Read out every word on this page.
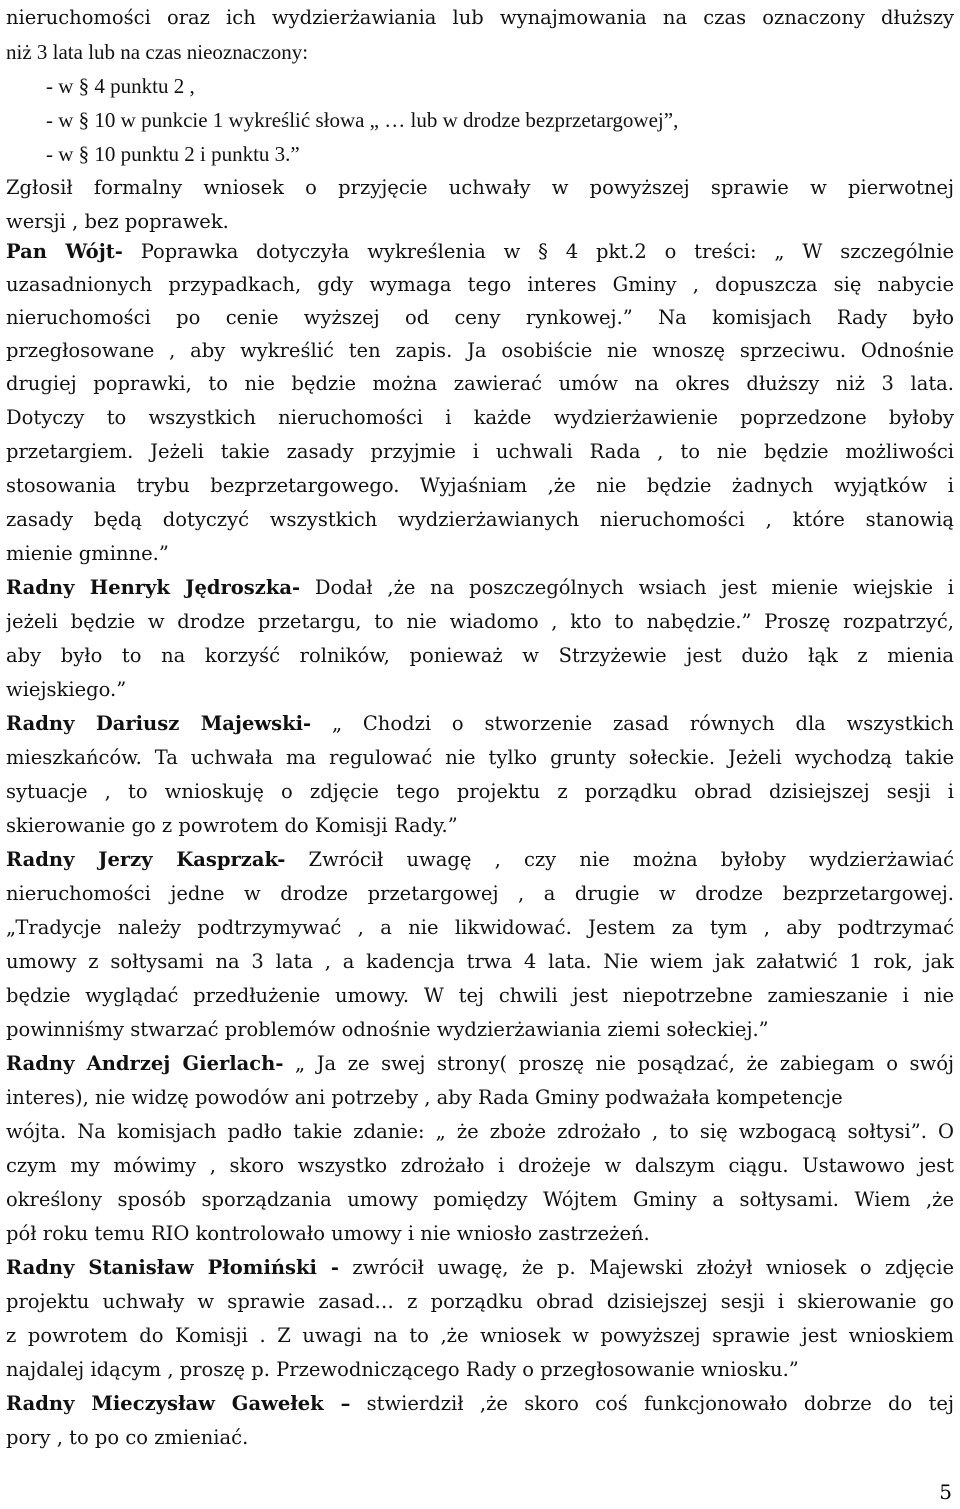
nieruchomości oraz ich wydzierżawiania lub wynajmowania na czas oznaczony dłuższy
niż 3 lata lub na czas nieoznaczony:
- w § 4 punktu 2 ,
- w § 10 w punkcie 1 wykreślić słowa „ … lub w drodze bezprzetargowej”,
- w § 10 punktu 2 i punktu 3.”
Zgłosił formalny wniosek o przyjęcie uchwały w powyższej sprawie w pierwotnej
wersji , bez poprawek.
Pan Wójt- Poprawka dotyczyła wykreślenia w § 4 pkt.2 o treści: „ W szczególnie
uzasadnionych przypadkach, gdy wymaga tego interes Gminy , dopuszcza się nabycie
nieruchomości po cenie wyższej od ceny rynkowej.” Na komisjach Rady było
przegłosowane , aby wykreślić ten zapis. Ja osobiście nie wnoszę sprzeciwu. Odnośnie
drugiej poprawki, to nie będzie można zawierać umów na okres dłuższy niż 3 lata.
Dotyczy to wszystkich nieruchomości i każde wydzierżawienie poprzedzone byłoby
przetargiem. Jeżeli takie zasady przyjmie i uchwali Rada , to nie będzie możliwości
stosowania trybu bezprzetargowego. Wyjaśniam ,że nie będzie żadnych wyjątków i
zasady będą dotyczyć wszystkich wydzierżawianych nieruchomości , które stanowią
mienie gminne.”
Radny Henryk Jędroszka- Dodał ,że na poszczególnych wsiach jest mienie wiejskie i
jeżeli będzie w drodze przetargu, to nie wiadomo , kto to nabędzie.” Proszę rozpatrzyć,
aby było to na korzyść rolników, ponieważ w Strzyżewie jest dużo łąk z mienia
wiejskiego.”
Radny Dariusz Majewski- „ Chodzi o stworzenie zasad równych dla wszystkich
mieszkańców. Ta uchwała ma regulować nie tylko grunty sołeckie. Jeżeli wychodzą takie
sytuacje , to wnioskuję o zdjęcie tego projektu z porządku obrad dzisiejszej sesji i
skierowanie go z powrotem do Komisji Rady.”
Radny Jerzy Kasprzak- Zwrócił uwagę , czy nie można byłoby wydzierżawiać
nieruchomości jedne w drodze przetargowej , a drugie w drodze bezprzetargowej.
„Tradycje należy podtrzymywać , a nie likwidować. Jestem za tym , aby podtrzymać
umowy z sołtysami na 3 lata , a kadencja trwa 4 lata. Nie wiem jak załatwić 1 rok, jak
będzie wyglądać przedłużenie umowy. W tej chwili jest niepotrzebne zamieszanie i nie
powinniśmy stwarzać problemów odnośnie wydzierżawiania ziemi sołeckiej.”
Radny Andrzej Gierlach- „ Ja ze swej strony( proszę nie posądzać, że zabiegam o swój
interes), nie widzę powodów ani potrzeby , aby Rada Gminy podważała kompetencje
wójta. Na komisjach padło takie zdanie: „ że zboże zdrożało , to się wzbogacą sołtysi”. O
czym my mówimy , skoro wszystko zdrożało i drożeje w dalszym ciągu. Ustawowo jest
określony sposób sporządzania umowy pomiędzy Wójtem Gminy a sołtysami. Wiem ,że
pół roku temu RIO kontrolowało umowy i nie wniosło zastrzeżeń.
Radny Stanisław Płomiński - zwrócił uwagę, że p. Majewski złożył wniosek o zdjęcie
projektu uchwały w sprawie zasad… z porządku obrad dzisiejszej sesji i skierowanie go
z powrotem do Komisji . Z uwagi na to ,że wniosek w powyższej sprawie jest wnioskiem
najdalej idącym , proszę p. Przewodniczącego Rady o przegłosowanie wniosku.”
Radny Mieczysław Gawełek – stwierdził ,że skoro coś funkcjonowało dobrze do tej
pory , to po co zmieniać.
5
